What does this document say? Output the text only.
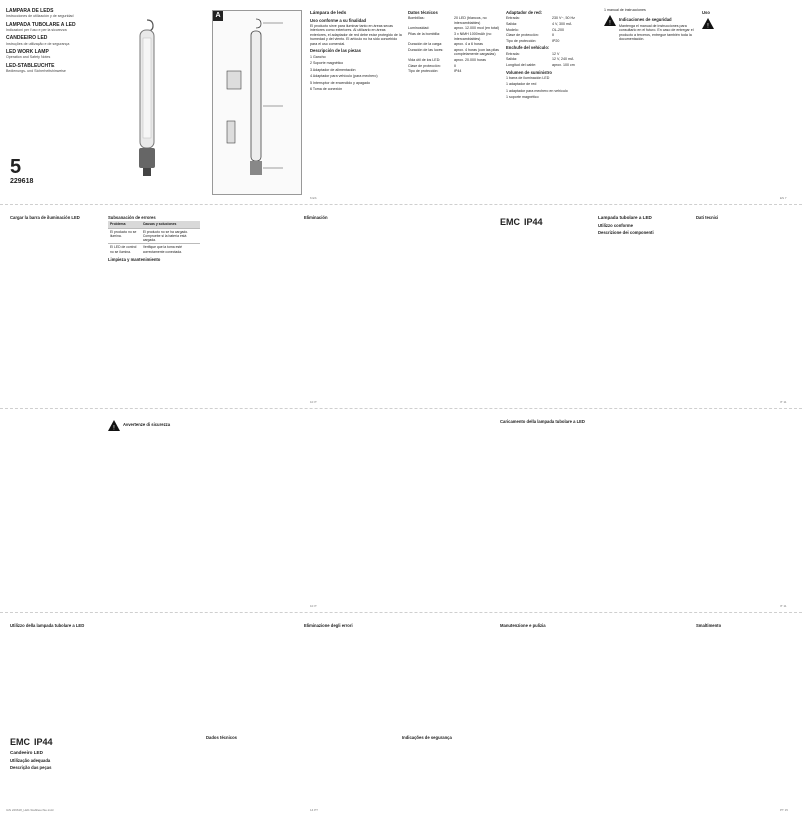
LÁMPARA DE LEDS
Instrucciones de utilización y de seguridad
LAMPADA TUBOLARE A LED
Indicazioni per l'uso e per la sicurezza
CANDEEIRO LED
Instruções de utilização e de segurança
LED WORK LAMP
Operation and Safety Notes
LED-STABLEUCHTE
Bedienungs- und Sicherheitshinweise
5
229618
A	Lámpara de leds
Uso conforme a su finalidad
El producto sirve para iluminar tanto en áreas secas interiores como exteriores. Al utilizarlo en áreas exteriores, el adaptador de red debe estar protegido de la humedad y del viento. El artículo no ha sido concebido para el uso comercial.
Descripción de las piezas
1 Gancho
2 Soporte magnético
3 Adaptador de alimentación
4 Adaptador para vehículo (para mechero)
5 Interruptor de encendido y apagado
6 Toma de conexión
Datos técnicos
Bombillas:	20 LED (blancos, no intercambiables)
Luminosidad:	aprox. 12.000 mcd (en total)
Pilas de la bombilla:	3 x NiMH 1000mAh (no intercambiables)
Duración de la carga:	aprox. 4 a 6 horas
Duración de las luces:	aprox. 4 horas (con las pilas completamente cargadas)
Vida útil de los LED:	aprox. 20.000 horas
Clase de protección:	II
Tipo de protección:	IP44
Adaptador de red:
Entrada:	230 V~, 50 Hz
Salida:	4 V, 300 mA
Modelo:	OL-200
Clase de protección:	II
Tipo de protección:	IP20
Enchufe del vehículo:
Entrada:	12 V
Salida:	12 V, 240 mA
Longitud del cable:	aprox. 100 cm
Volumen de suministro
1 barra de iluminación LED
1 adaptador de red
1 adaptador para mechero en vehículo
1 soporte magnético
1 manual de instrucciones
!
Indicaciones de seguridad
Mantenga el manual de instrucciones para consultarlo en el futuro. En caso de entregar el producto a terceros, entregue también toda la documentación.
Uso
!
6 ES	ES 7
Cargar la barra de iluminación LED	Subsanación de errores
Problema	Causas y soluciones
El producto no se ilumina.	El producto no se ha cargado. Compruebe si la batería está cargada.
El LED de control no se ilumina.	Verifique que la toma esté correctamente conectada.
Limpieza y mantenimiento
Eliminación	EMC IP44	Lampada tubolare a LED
Utilizzo conforme
Descrizione dei componenti
Dati tecnici
10 IT	IT 11
!
Avvertenze di sicurezza
Caricamento della lampada tubolare a LED
10 IT	IT 11
Utilizzo della lampada tubolare a LED	Eliminazione degli errori	Manutenzione e pulizia	Smaltimento
EMC IP44
Candeeiro LED
Utilização adequada
Descrição das peças
Dados técnicos	Indicações de segurança
IAN 229618_LED-Stablleuchte.indd	14 PT	PT 15
